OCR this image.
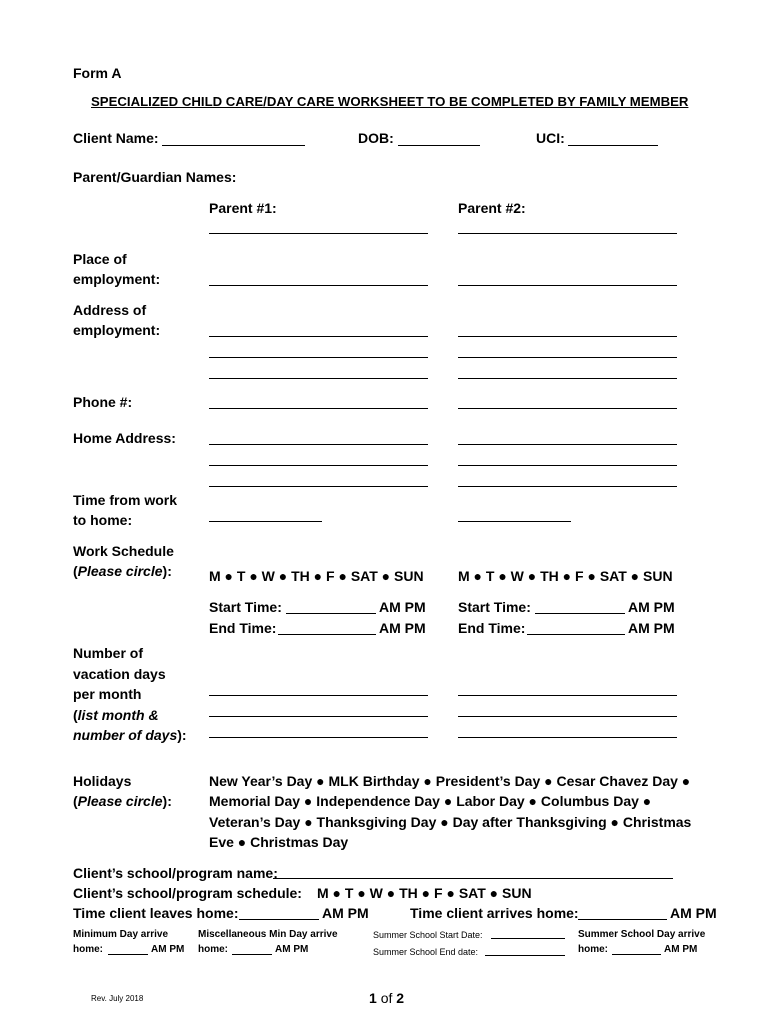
Form A
SPECIALIZED CHILD CARE/DAY CARE WORKSHEET TO BE COMPLETED BY FAMILY MEMBER
Client Name:	DOB:	UCI:
Parent/Guardian Names:
Parent #1:	Parent #2:
Place of
employment:
Address of
employment:
Phone #:
Home Address:
Time from work
to home:
Work Schedule
(Please circle):	M ● T ● W ● TH ● F ● SAT ● SUN M ● T ● W ● TH ● F ● SAT ● SUN
Start Time:	AM PM Start Time:	AM PM
End Time:	AM PM End Time:	AM PM
Number of
vacation days
per month
(list month &
number of days):
Holidays
(Please circle):
New Year’s Day ● MLK Birthday ● President’s Day ● Cesar Chavez Day ●
Memorial Day ● Independence Day ● Labor Day ● Columbus Day ●
Veteran’s Day ● Thanksgiving Day ● Day after Thanksgiving ● Christmas
Eve ● Christmas Day
Client’s school/program name:
Client’s school/program schedule: M ● T ● W ● TH ● F ● SAT ● SUN
Time client leaves home:	AM PM	Time client arrives home:	AM PM
Minimum Day arrive
home:	AM PM
Miscellaneous Min Day arrive
home:	AM PM
Summer School Start Date:
Summer School End date:
Summer School Day arrive
home:	AM PM
Rev. July 2018	1 of 2
